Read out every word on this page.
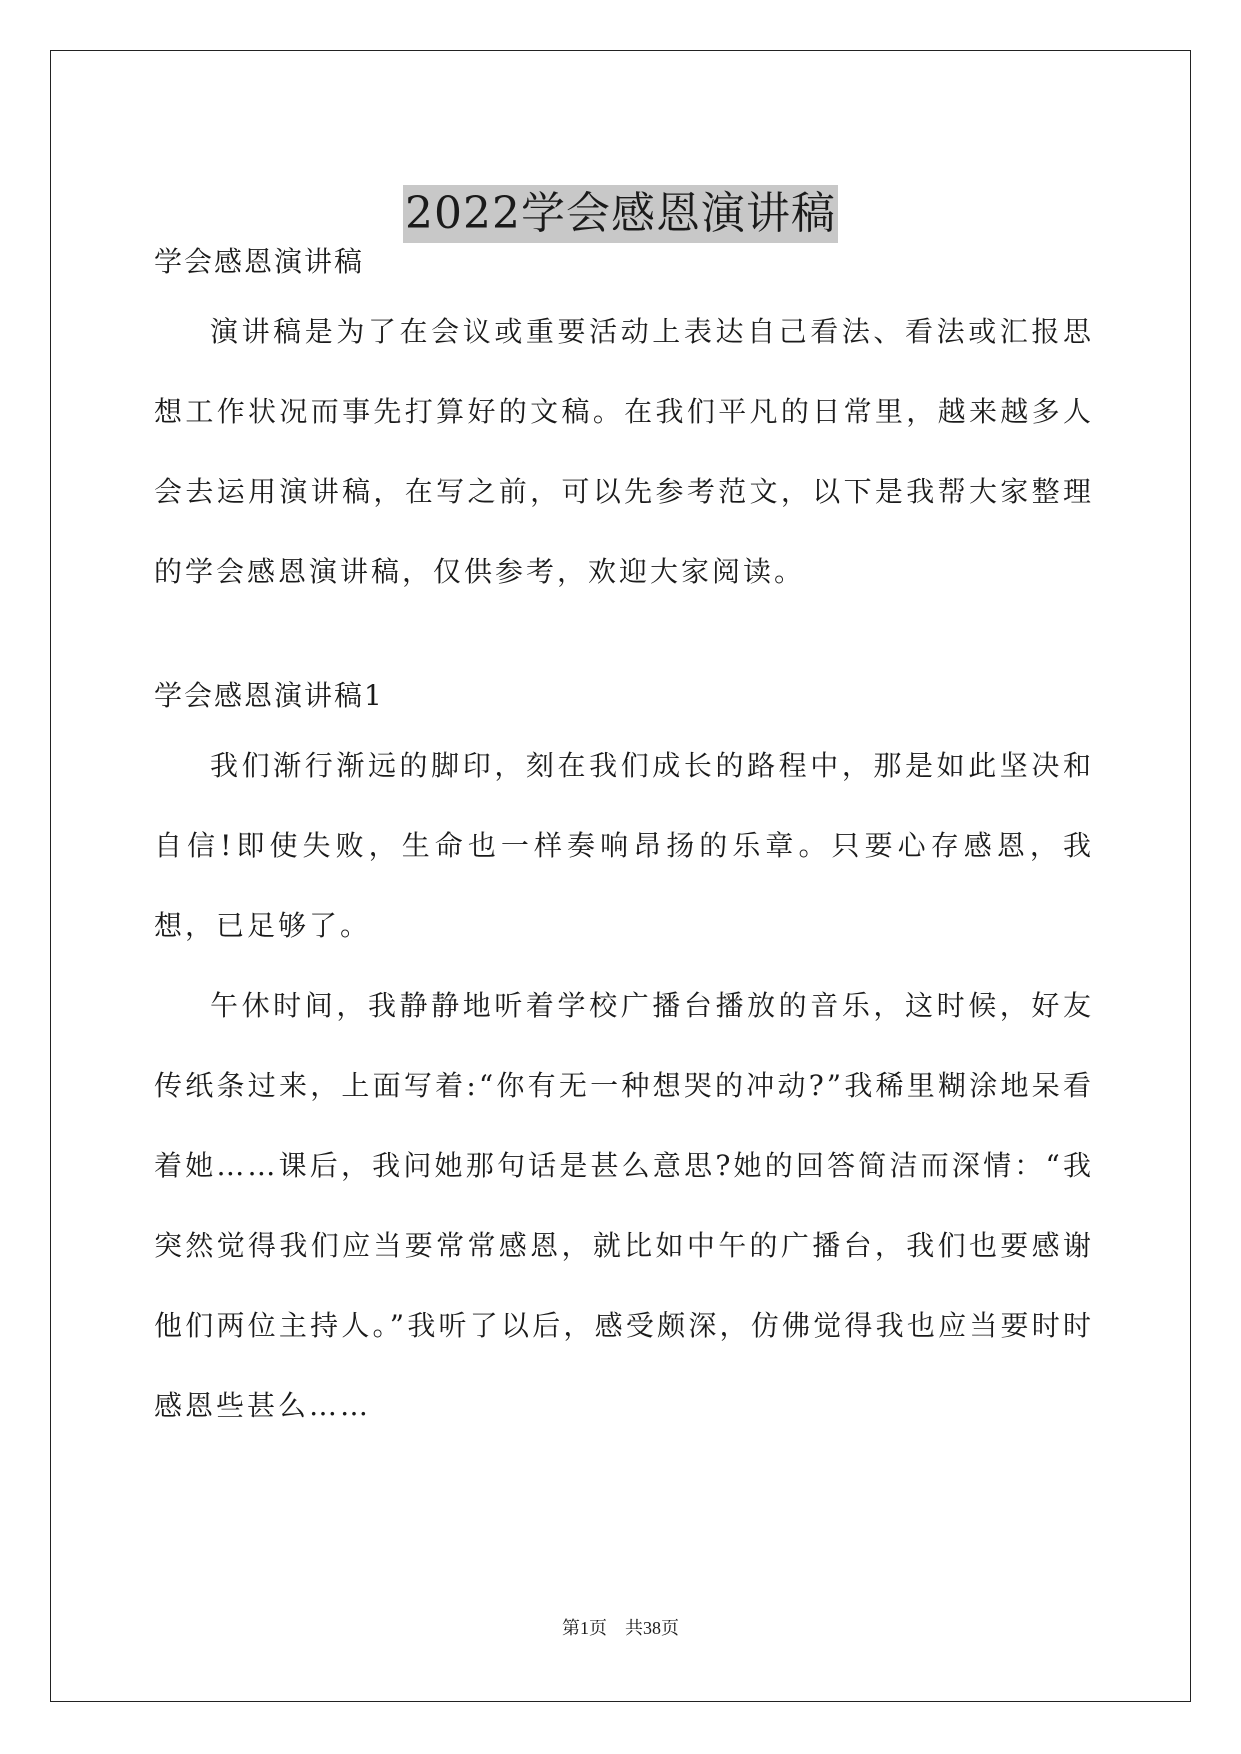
2022学会感恩演讲稿
学会感恩演讲稿

演讲稿是为了在会议或重要活动上表达自己看法、看法或汇报思想工作状况而事先打算好的文稿。在我们平凡的日常里，越来越多人会去运用演讲稿，在写之前，可以先参考范文，以下是我帮大家整理的学会感恩演讲稿，仅供参考，欢迎大家阅读。

学会感恩演讲稿1

我们渐行渐远的脚印，刻在我们成长的路程中，那是如此坚决和自信!即使失败，生命也一样奏响昂扬的乐章。只要心存感恩，我想，已足够了。

午休时间，我静静地听着学校广播台播放的音乐，这时候，好友传纸条过来，上面写着:“你有无一种想哭的冲动?”我稀里糊涂地呆看着她……课后，我问她那句话是甚么意思?她的回答简洁而深情：“我突然觉得我们应当要常常感恩，就比如中午的广播台，我们也要感谢他们两位主持人。”我听了以后，感受颇深，仿佛觉得我也应当要时时感恩些甚么……

第1页　共38页
